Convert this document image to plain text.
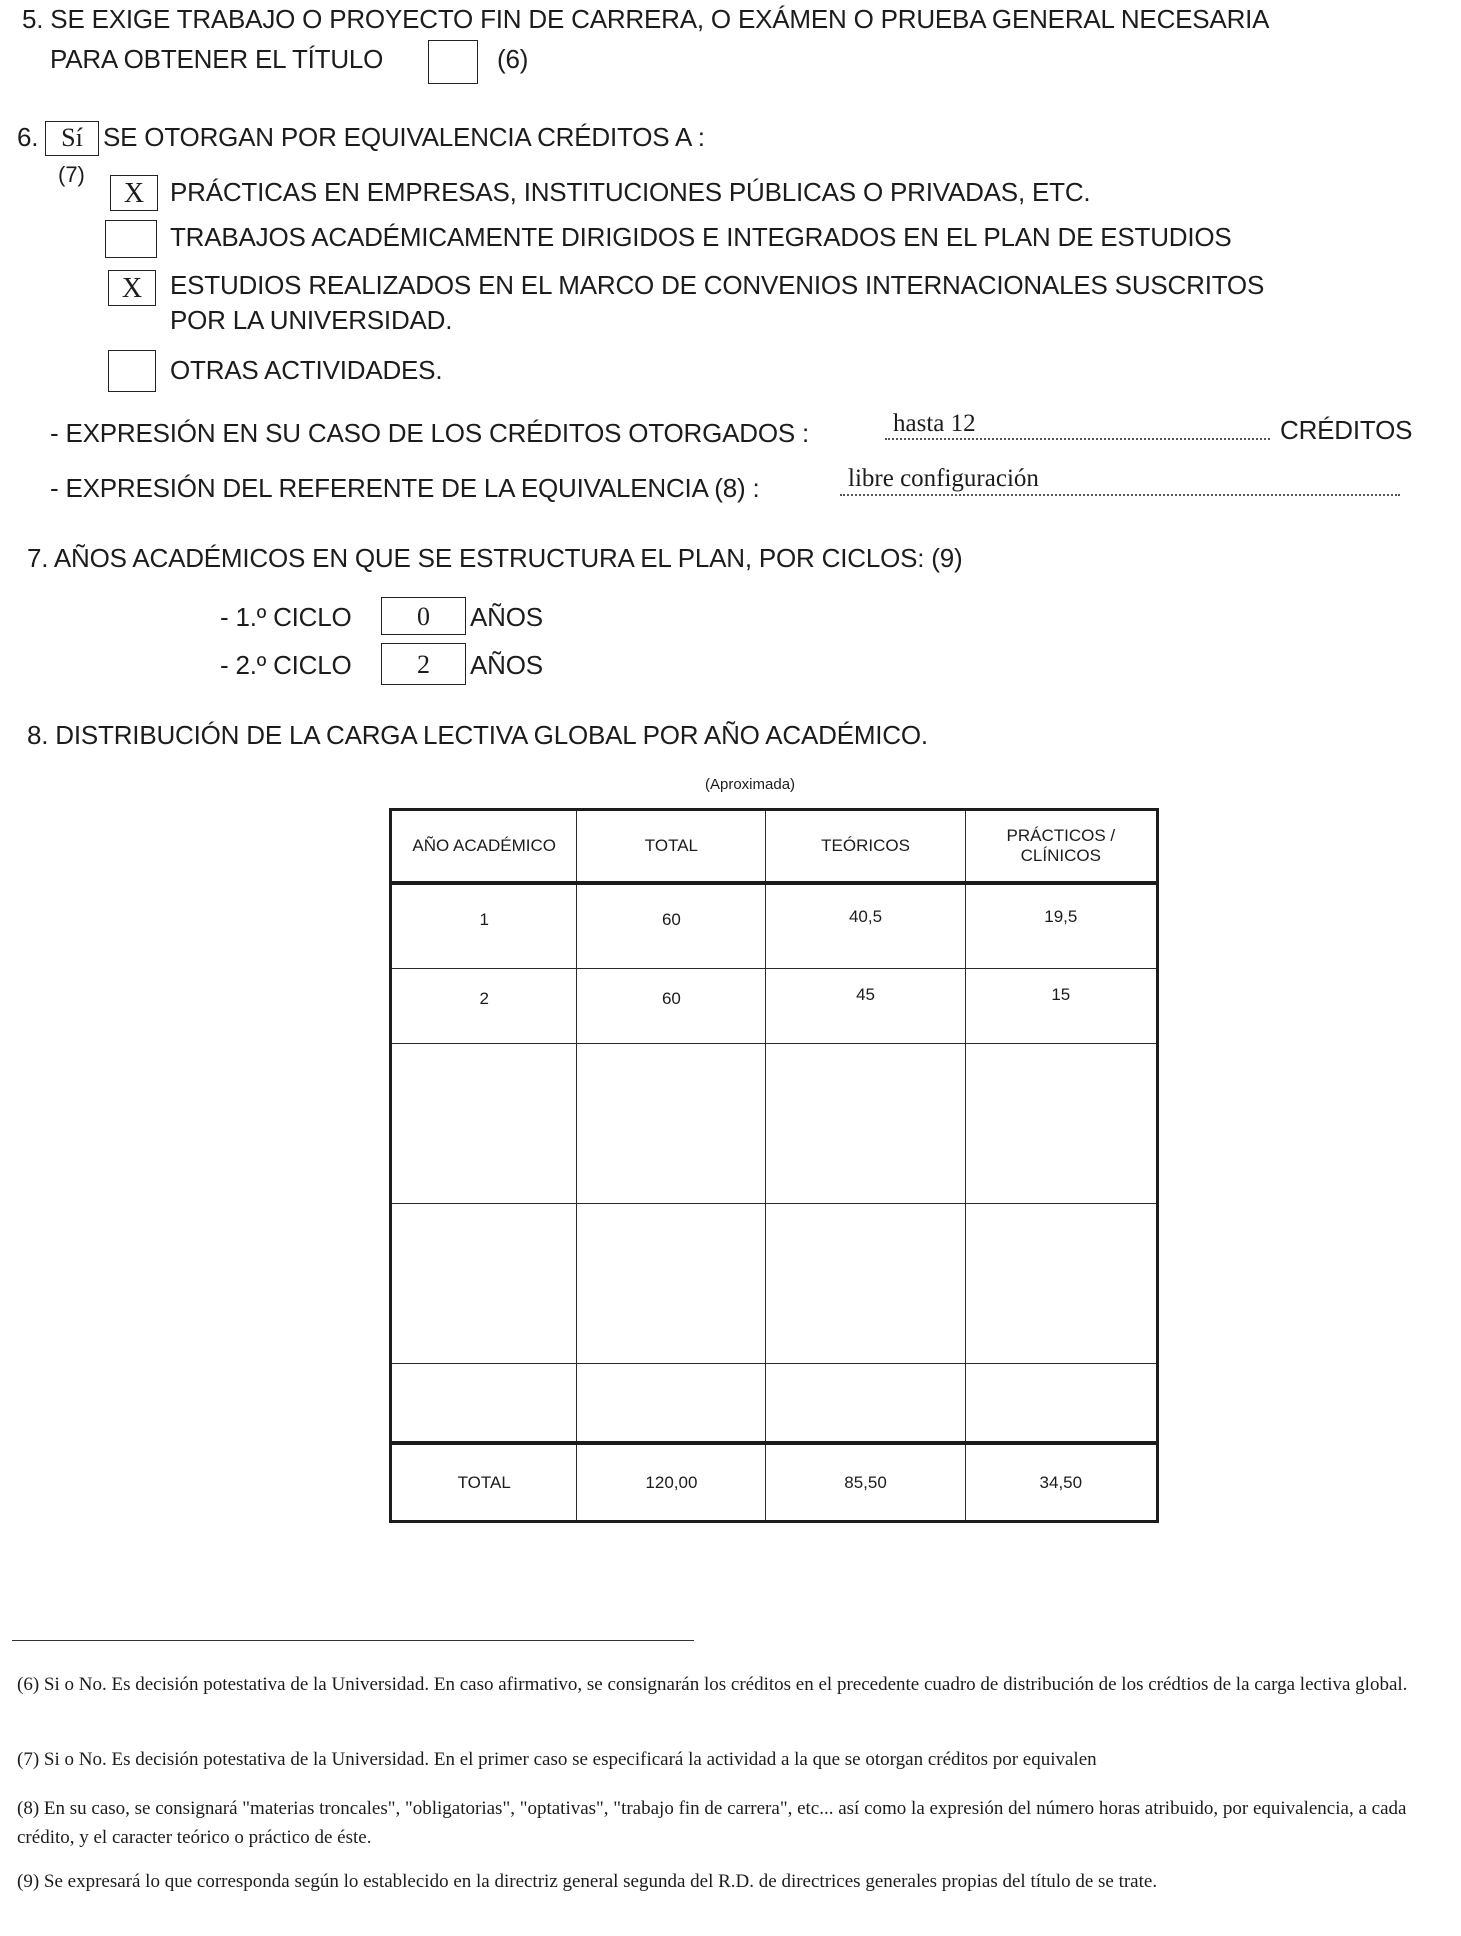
5. SE EXIGE TRABAJO O PROYECTO FIN DE CARRERA, O EXÁMEN O PRUEBA GENERAL NECESARIA
PARA OBTENER EL TÍTULO	(6)
6. Sí SE OTORGAN POR EQUIVALENCIA CRÉDITOS A :
(7)
X PRÁCTICAS EN EMPRESAS, INSTITUCIONES PÚBLICAS O PRIVADAS, ETC.
TRABAJOS ACADÉMICAMENTE DIRIGIDOS E INTEGRADOS EN EL PLAN DE ESTUDIOS
X	ESTUDIOS REALIZADOS EN EL MARCO DE CONVENIOS INTERNACIONALES SUSCRITOS
POR LA UNIVERSIDAD.
OTRAS ACTIVIDADES.
- EXPRESIÓN EN SU CASO DE LOS CRÉDITOS OTORGADOS :	hasta 12	CRÉDITOS
- EXPRESIÓN DEL REFERENTE DE LA EQUIVALENCIA (8) :	libre configuración
7. AÑOS ACADÉMICOS EN QUE SE ESTRUCTURA EL PLAN, POR CICLOS: (9)
- 1.º CICLO	0	AÑOS
- 2.º CICLO	2	AÑOS
8. DISTRIBUCIÓN DE LA CARGA LECTIVA GLOBAL POR AÑO ACADÉMICO.
(Aproximada)
AÑO ACADÉMICO	TOTAL	TEÓRICOS	PRÁCTICOS /
CLÍNICOS

1	60	40,5	19,5
2	60	45	15

TOTAL	120,00	85,50	34,50
(6) Si o No. Es decisión potestativa de la Universidad. En caso afirmativo, se consignarán los créditos en el precedente cuadro de distribución de los crédtios de la carga lectiva global.
(7) Si o No. Es decisión potestativa de la Universidad. En el primer caso se especificará la actividad a la que se otorgan créditos por equivalen
(8) En su caso, se consignará "materias troncales", "obligatorias", "optativas", "trabajo fin de carrera", etc... así como la expresión del número horas atribuido, por equivalencia, a cada crédito, y el caracter teórico o práctico de éste.
(9) Se expresará lo que corresponda según lo establecido en la directriz general segunda del R.D. de directrices generales propias del título de se trate.
